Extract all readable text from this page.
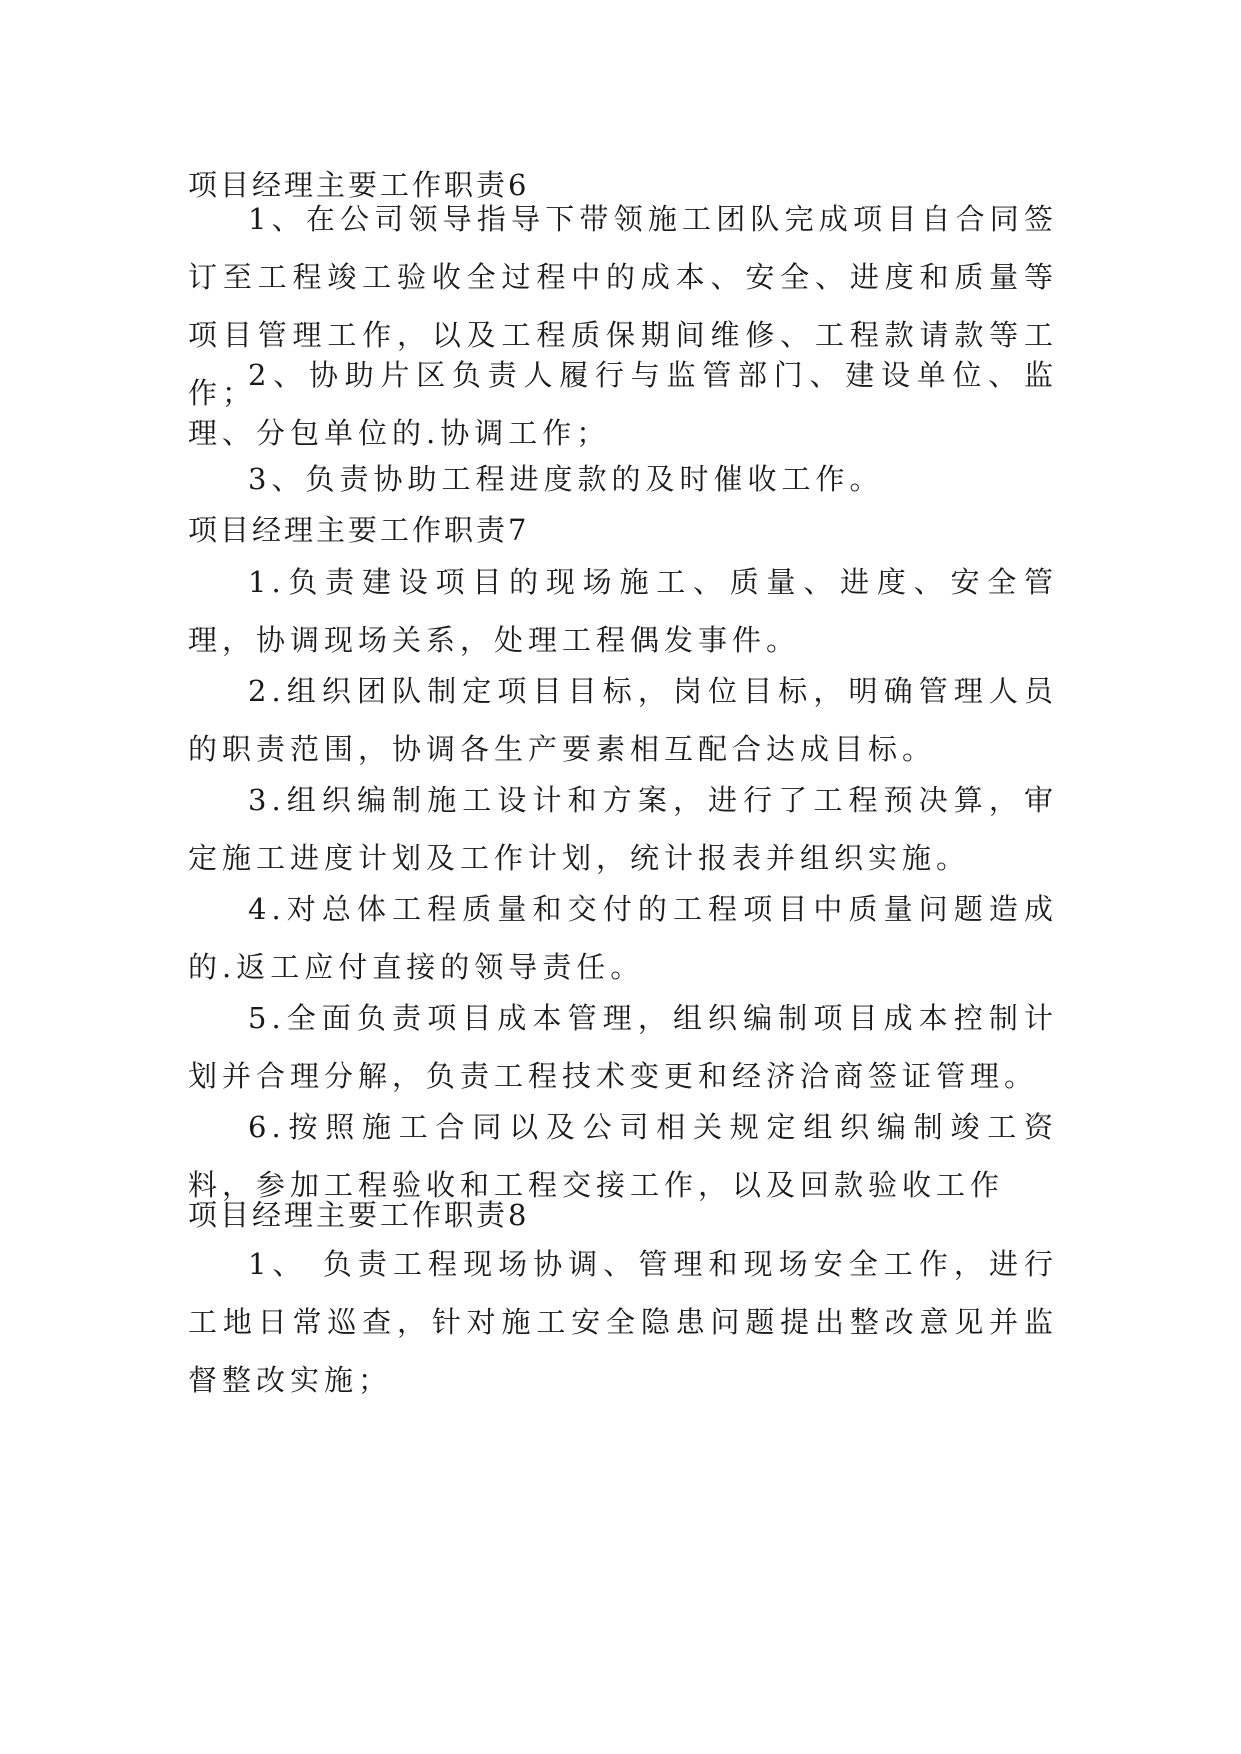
项目经理主要工作职责6
1、在公司领导指导下带领施工团队完成项目自合同签订至工程竣工验收全过程中的成本、安全、进度和质量等项目管理工作，以及工程质保期间维修、工程款请款等工作；
2、协助片区负责人履行与监管部门、建设单位、监理、分包单位的.协调工作；
3、负责协助工程进度款的及时催收工作。
项目经理主要工作职责7
1.负责建设项目的现场施工、质量、进度、安全管理，协调现场关系，处理工程偶发事件。
2.组织团队制定项目目标，岗位目标，明确管理人员的职责范围，协调各生产要素相互配合达成目标。
3.组织编制施工设计和方案，进行了工程预决算，审定施工进度计划及工作计划，统计报表并组织实施。
4.对总体工程质量和交付的工程项目中质量问题造成的.返工应付直接的领导责任。
5.全面负责项目成本管理，组织编制项目成本控制计划并合理分解，负责工程技术变更和经济洽商签证管理。
6.按照施工合同以及公司相关规定组织编制竣工资料，参加工程验收和工程交接工作，以及回款验收工作
项目经理主要工作职责8
1、 负责工程现场协调、管理和现场安全工作，进行工地日常巡查，针对施工安全隐患问题提出整改意见并监督整改实施；
